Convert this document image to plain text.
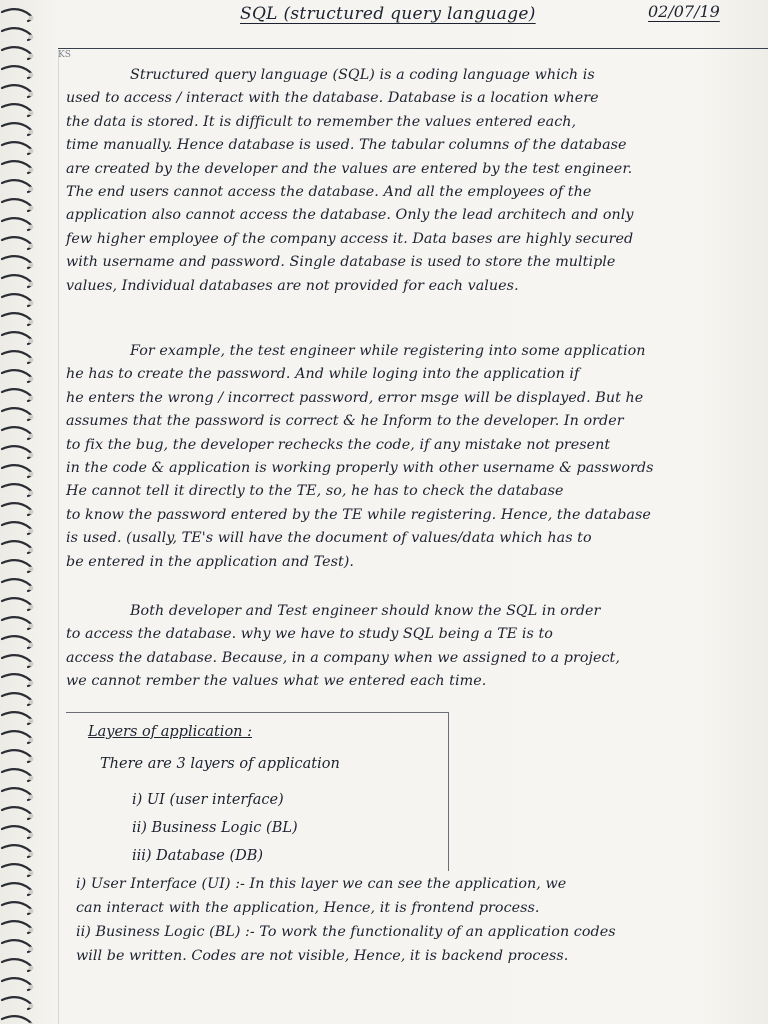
SQL (structured query language)	02/07/19
KS
Structured query language (SQL) is a coding language which is
used to access / interact with the database. Database is a location where
the data is stored. It is difficult to remember the values entered each,
time manually. Hence database is used. The tabular columns of the database
are created by the developer and the values are entered by the test engineer.
The end users cannot access the database. And all the employees of the
application also cannot access the database. Only the lead architech and only
few higher employee of the company access it. Data bases are highly secured
with username and password. Single database is used to store the multiple
values, Individual databases are not provided for each values.
For example, the test engineer while registering into some application
he has to create the password. And while loging into the application if
he enters the wrong / incorrect password, error msge will be displayed. But he
assumes that the password is correct & he Inform to the developer. In order
to fix the bug, the developer rechecks the code, if any mistake not present
in the code & application is working properly with other username & passwords
He cannot tell it directly to the TE, so, he has to check the database
to know the password entered by the TE while registering. Hence, the database
is used. (usally, TE's will have the document of values/data which has to
be entered in the application and Test).
Both developer and Test engineer should know the SQL in order
to access the database. why we have to study SQL being a TE is to
access the database. Because, in a company when we assigned to a project,
we cannot rember the values what we entered each time.
Layers of application :
There are 3 layers of application
i) UI (user interface)
ii) Business Logic (BL)
iii) Database (DB)
i) User Interface (UI) :- In this layer we can see the application, we
can interact with the application, Hence, it is frontend process.
ii) Business Logic (BL) :- To work the functionality of an application codes
will be written. Codes are not visible, Hence, it is backend process.
